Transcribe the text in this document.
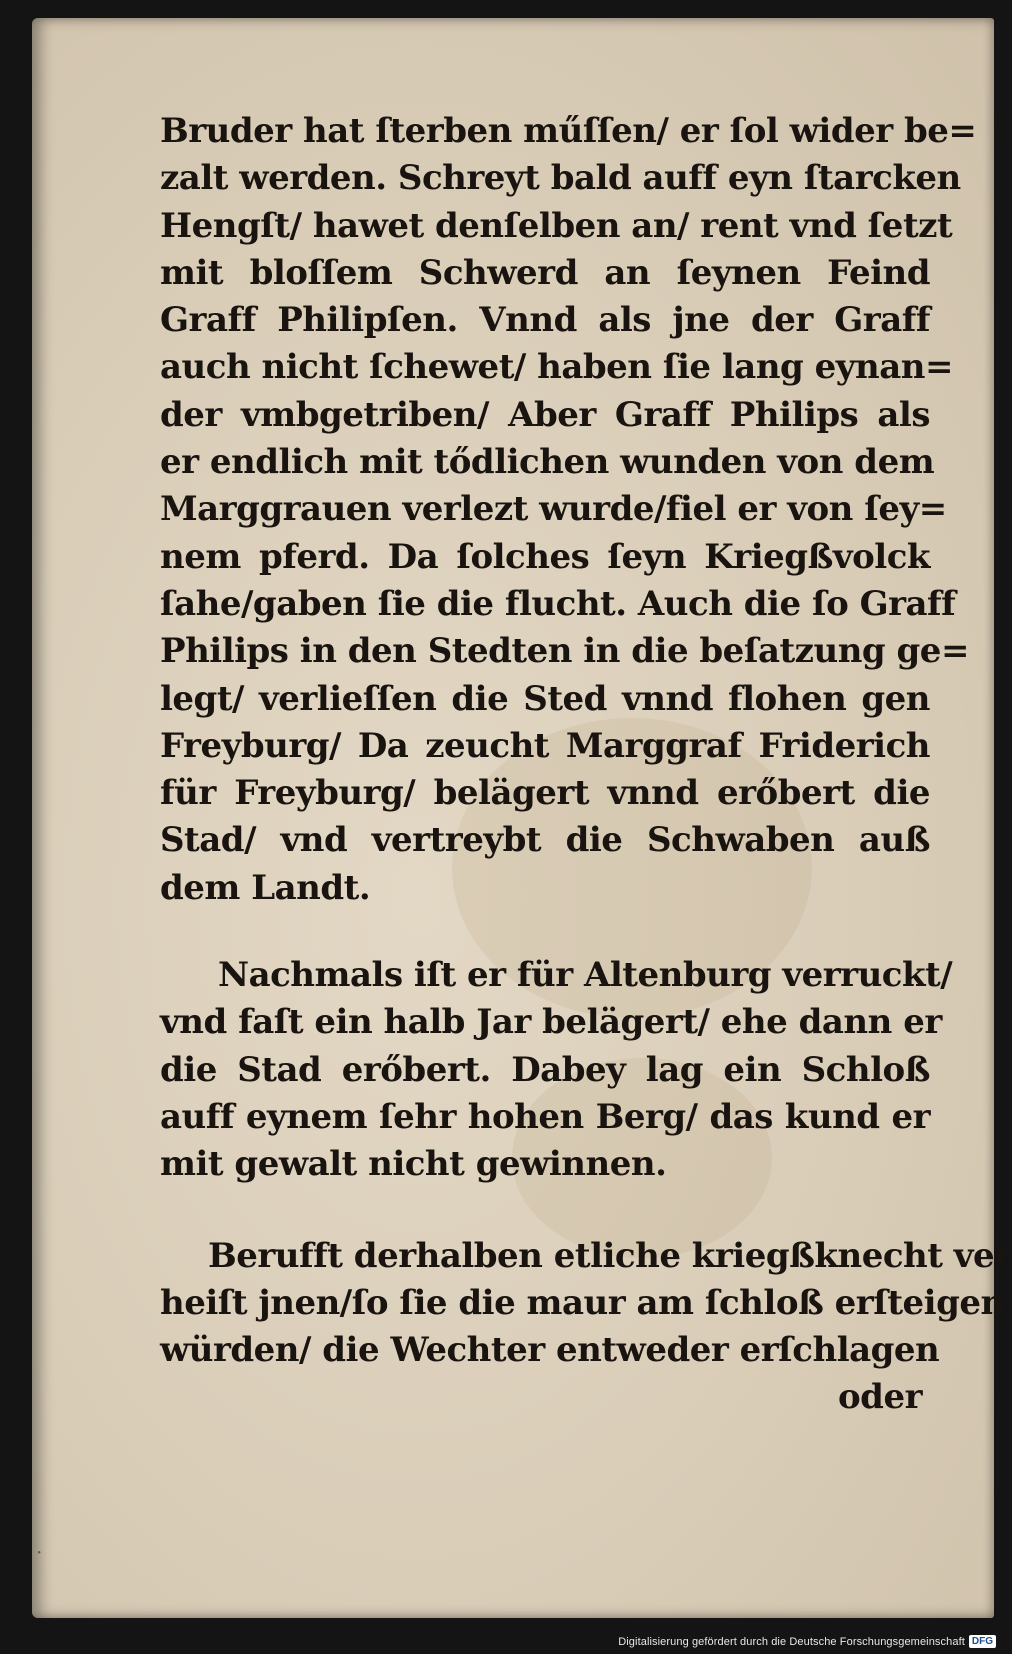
Bruder hat ſterben műſſen/ er ſol wider be=
zalt werden. Schreyt bald auff eyn ſtarcken
Hengſt/ hawet denſelben an/ rent vnd ſetzt
mit bloſſem Schwerd an ſeynen Feind
Graff Philipſen. Vnnd als jne der Graff
auch nicht ſchewet/ haben ſie lang eynan=
der vmbgetriben/ Aber Graff Philips als
er endlich mit tődlichen wunden von dem
Marggrauen verlezt wurde/fiel er von ſey=
nem pferd. Da ſolches ſeyn Kriegßvolck
ſahe/gaben ſie die flucht. Auch die ſo Graff
Philips in den Stedten in die beſatzung ge=
legt/ verlieſſen die Sted vnnd flohen gen
Freyburg/ Da zeucht Marggraf Friderich
für Freyburg/ belägert vnnd erőbert die
Stad/ vnd vertreybt die Schwaben auß
dem Landt.
Nachmals iſt er für Altenburg verruckt/
vnd faſt ein halb Jar belägert/ ehe dann er
die Stad erőbert. Dabey lag ein Schloß
auff eynem ſehr hohen Berg/ das kund er
mit gewalt nicht gewinnen.
Berufft derhalben etliche kriegßknecht ver
heiſt jnen/ſo ſie die maur am ſchloß erſteigen
würden/ die Wechter entweder erſchlagen
oder
·
Digitalisierung gefördert durch die Deutsche Forschungsgemeinschaft DFG
